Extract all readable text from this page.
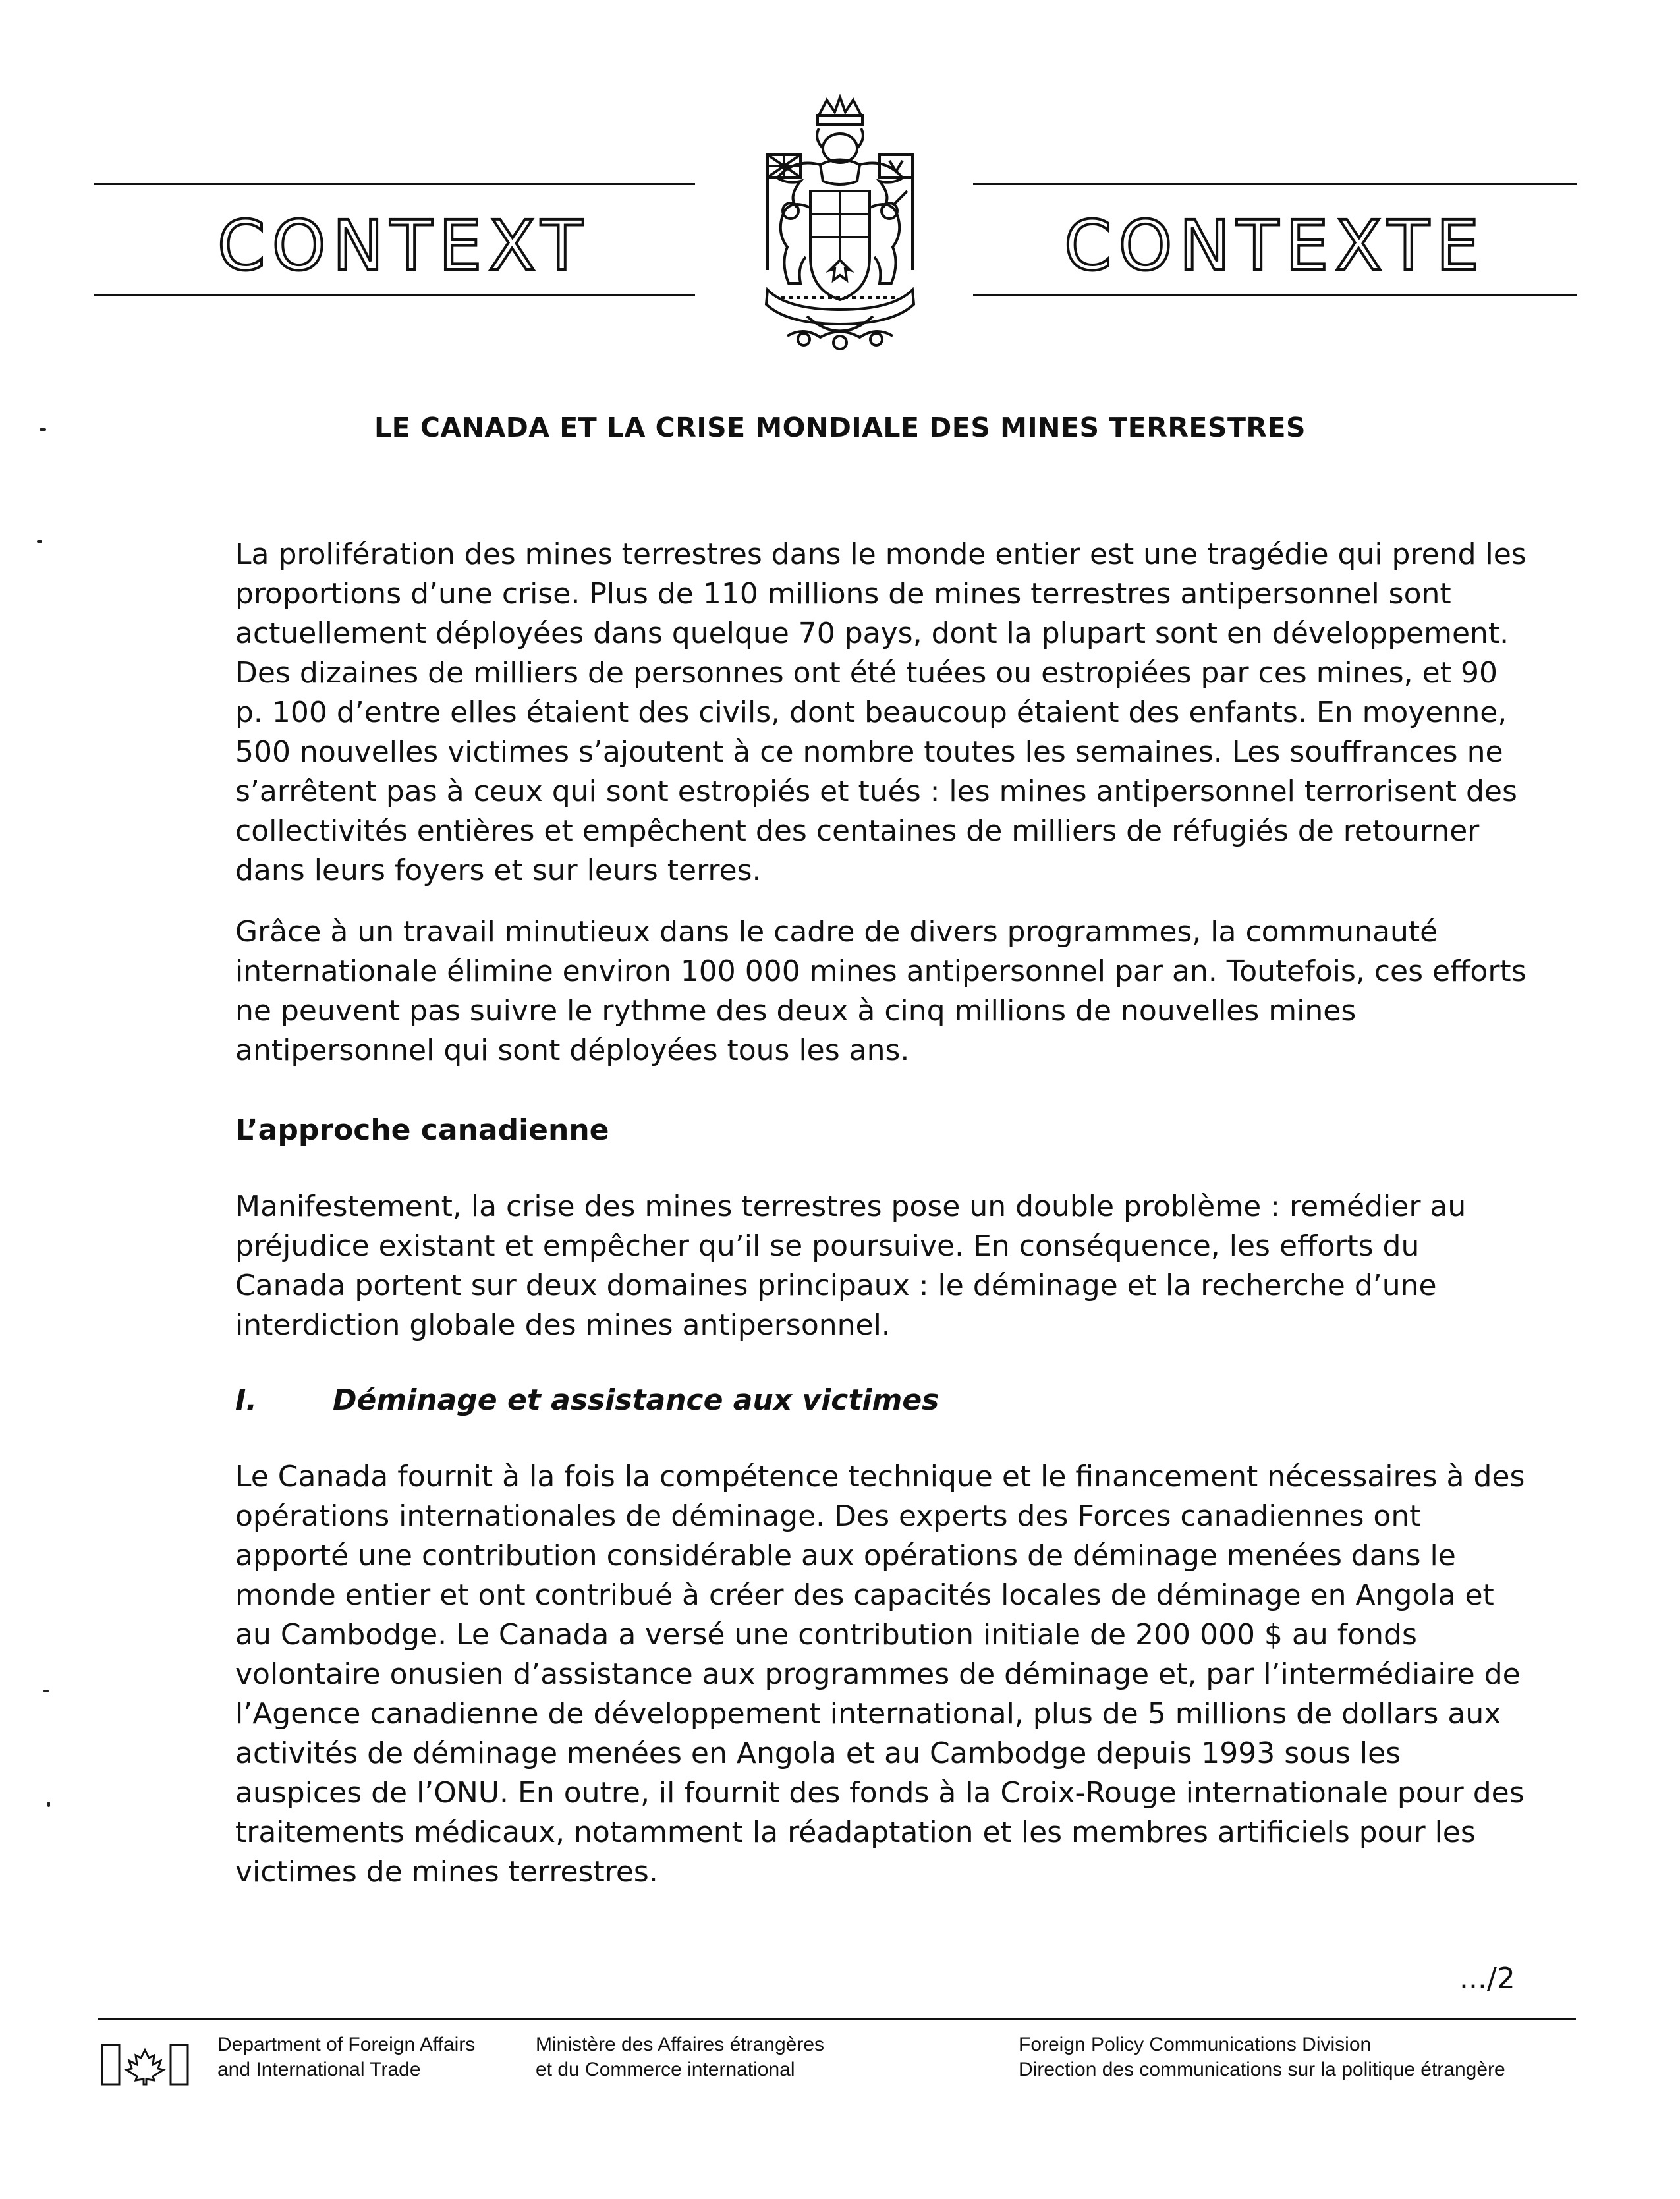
CONTEXT	CONTEXTE
LE CANADA ET LA CRISE MONDIALE DES MINES TERRESTRES

La prolifération des mines terrestres dans le monde entier est une tragédie qui prend les proportions d’une crise. Plus de 110 millions de mines terrestres antipersonnel sont actuellement déployées dans quelque 70 pays, dont la plupart sont en développement. Des dizaines de milliers de personnes ont été tuées ou estropiées par ces mines, et 90 p. 100 d’entre elles étaient des civils, dont beaucoup étaient des enfants. En moyenne, 500 nouvelles victimes s’ajoutent à ce nombre toutes les semaines. Les souffrances ne s’arrêtent pas à ceux qui sont estropiés et tués : les mines antipersonnel terrorisent des collectivités entières et empêchent des centaines de milliers de réfugiés de retourner dans leurs foyers et sur leurs terres.

Grâce à un travail minutieux dans le cadre de divers programmes, la communauté internationale élimine environ 100 000 mines antipersonnel par an. Toutefois, ces efforts ne peuvent pas suivre le rythme des deux à cinq millions de nouvelles mines antipersonnel qui sont déployées tous les ans.

L’approche canadienne

Manifestement, la crise des mines terrestres pose un double problème : remédier au préjudice existant et empêcher qu’il se poursuive. En conséquence, les efforts du Canada portent sur deux domaines principaux : le déminage et la recherche d’une interdiction globale des mines antipersonnel.

I.	Déminage et assistance aux victimes

Le Canada fournit à la fois la compétence technique et le financement nécessaires à des opérations internationales de déminage. Des experts des Forces canadiennes ont apporté une contribution considérable aux opérations de déminage menées dans le monde entier et ont contribué à créer des capacités locales de déminage en Angola et au Cambodge. Le Canada a versé une contribution initiale de 200 000 $ au fonds volontaire onusien d’assistance aux programmes de déminage et, par l’intermédiaire de l’Agence canadienne de développement international, plus de 5 millions de dollars aux activités de déminage menées en Angola et au Cambodge depuis 1993 sous les auspices de l’ONU. En outre, il fournit des fonds à la Croix-Rouge internationale pour des traitements médicaux, notamment la réadaptation et les membres artificiels pour les victimes de mines terrestres.

.../2
Department of Foreign Affairs
and International Trade
Ministère des Affaires étrangères
et du Commerce international
Foreign Policy Communications Division
Direction des communications sur la politique étrangère
